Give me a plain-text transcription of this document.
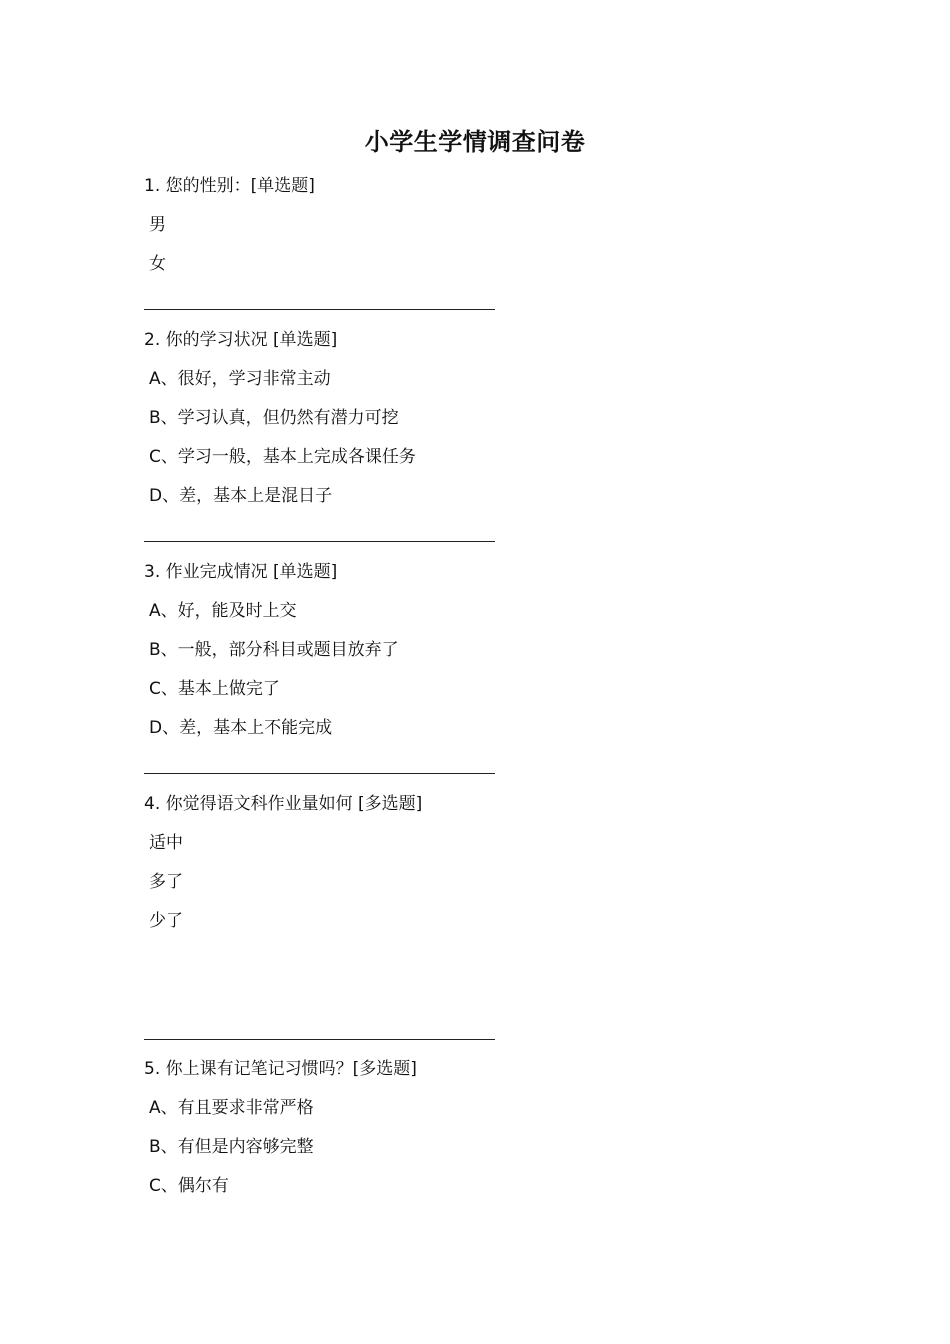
小学生学情调查问卷
1. 您的性别：[单选题]
男
女
2. 你的学习状况 [单选题]
A、很好，学习非常主动
B、学习认真，但仍然有潜力可挖
C、学习一般，基本上完成各课任务
D、差，基本上是混日子
3. 作业完成情况 [单选题]
A、好，能及时上交
B、一般，部分科目或题目放弃了
C、基本上做完了
D、差，基本上不能完成
4. 你觉得语文科作业量如何 [多选题]
适中
多了
少了
5. 你上课有记笔记习惯吗？[多选题]
A、有且要求非常严格
B、有但是内容够完整
C、偶尔有
